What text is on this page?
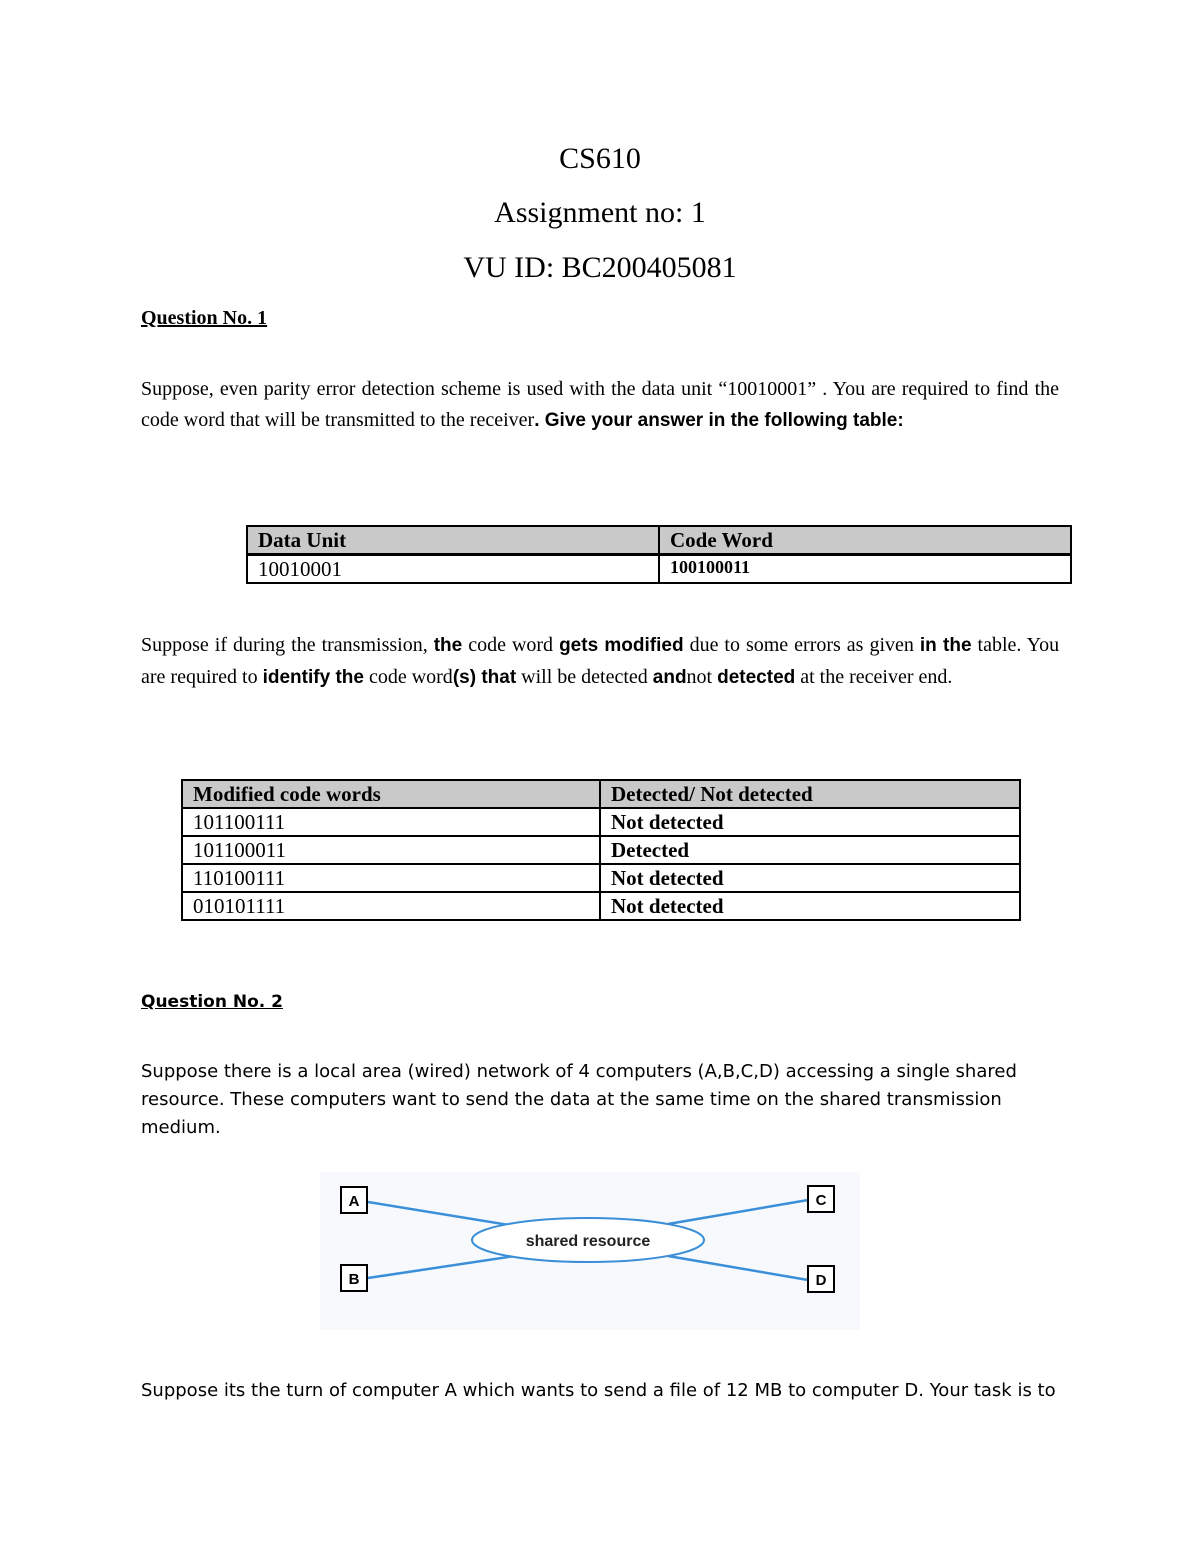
CS610
Assignment no: 1
VU ID: BC200405081
Question No. 1
Suppose, even parity error detection scheme is used with the data unit “10010001” . You are required to find the code word that will be transmitted to the receiver. Give your answer in the following table:
Data Unit	Code Word
10010001	100100011
Suppose if during the transmission, the code word gets modified due to some errors as given in the table. You are required to identify the code word(s) that will be detected andnot detected at the receiver end.
Modified code words	Detected/ Not detected
101100111	Not detected
101100011	Detected
110100111	Not detected
010101111	Not detected
Question No. 2
Suppose there is a local area (wired) network of 4 computers (A,B,C,D) accessing a single shared resource. These computers want to send the data at the same time on the shared transmission medium.
shared resource
A
B
C
D
Suppose its the turn of computer A which wants to send a file of 12 MB to computer D. Your task is to
